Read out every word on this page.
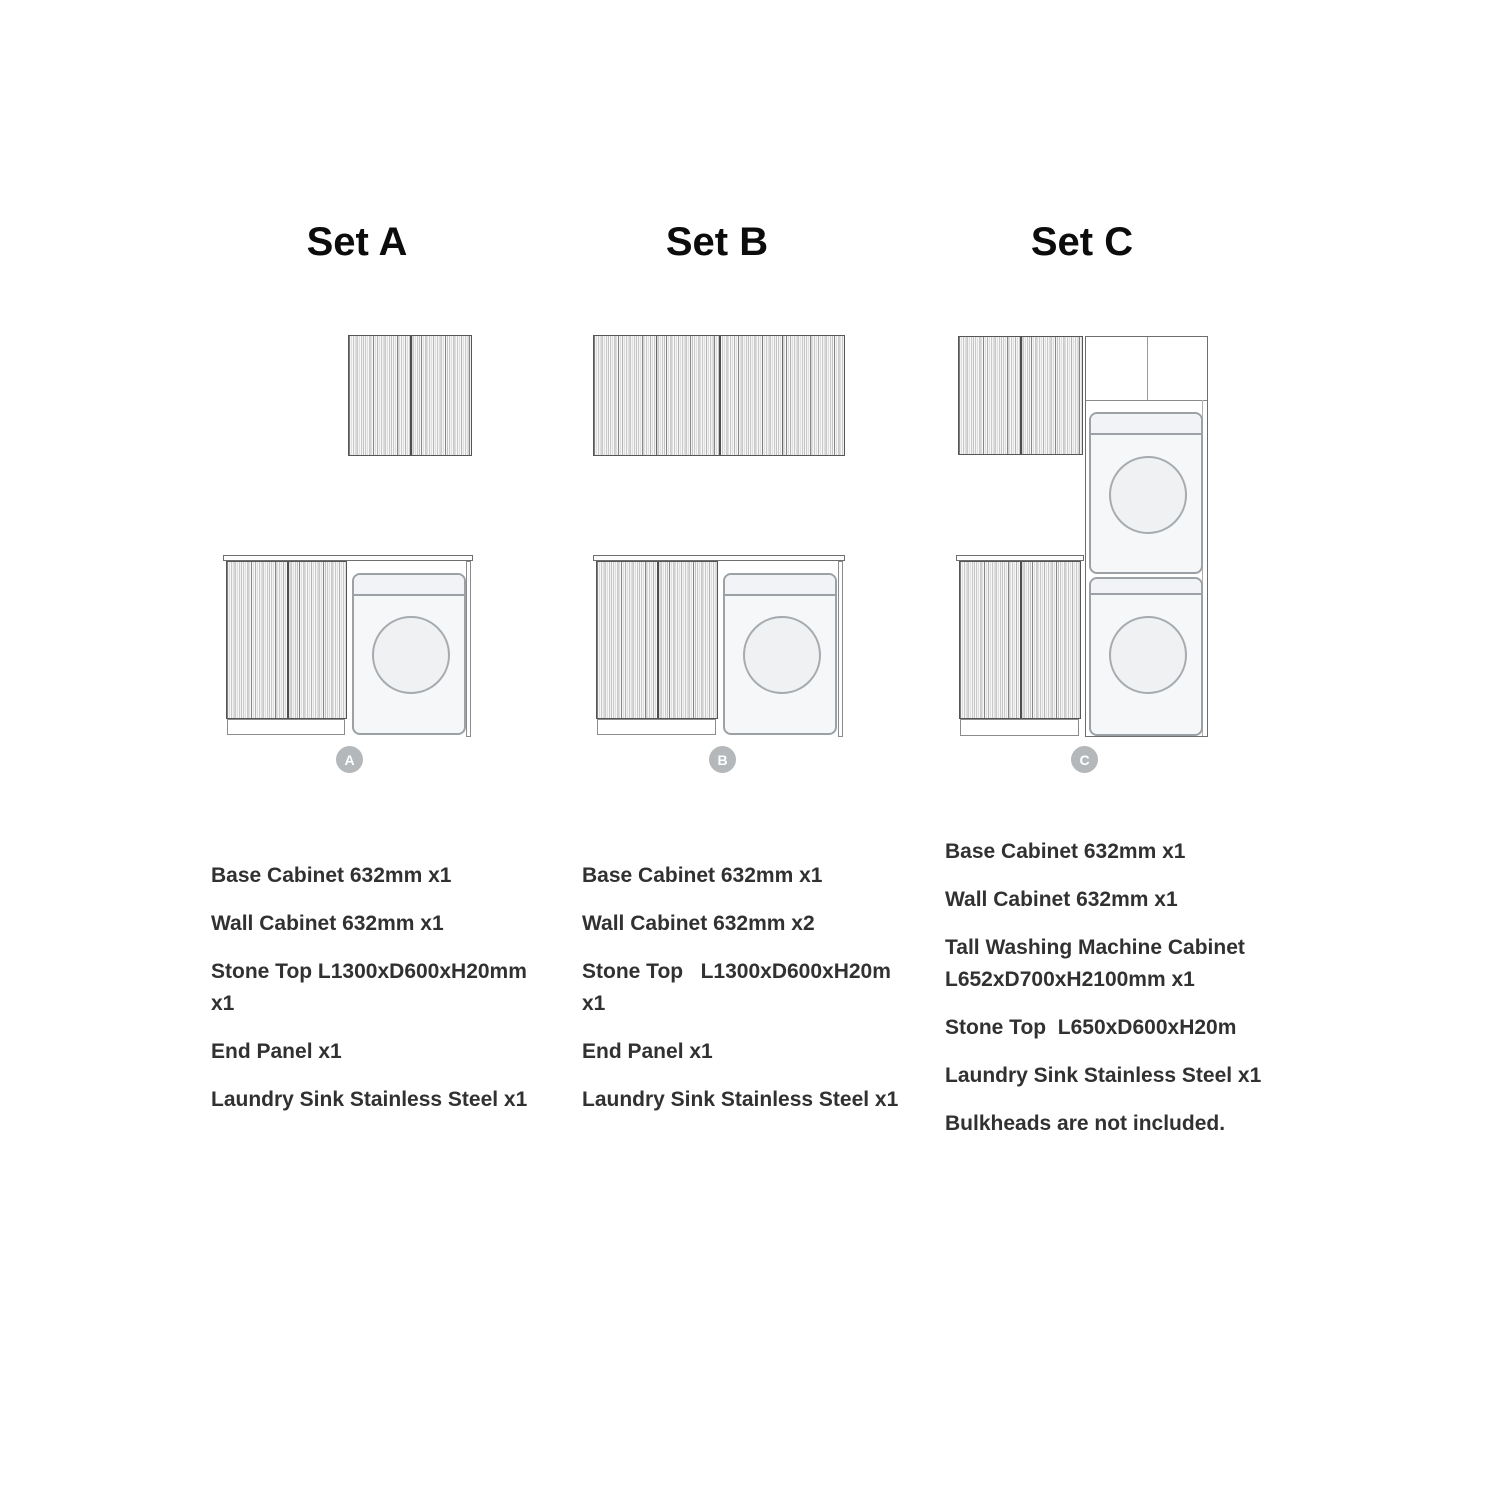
Set A	Set B	Set C
A	B	C

Base Cabinet 632mm x1

Wall Cabinet 632mm x1

Stone Top L1300xD600xH20mm
x1

End Panel x1

Laundry Sink Stainless Steel x1

Base Cabinet 632mm x1

Wall Cabinet 632mm x2

Stone Top   L1300xD600xH20m
x1

End Panel x1

Laundry Sink Stainless Steel x1

Base Cabinet 632mm x1

Wall Cabinet 632mm x1

Tall Washing Machine Cabinet
L652xD700xH2100mm x1

Stone Top  L650xD600xH20m

Laundry Sink Stainless Steel x1

Bulkheads are not included.
